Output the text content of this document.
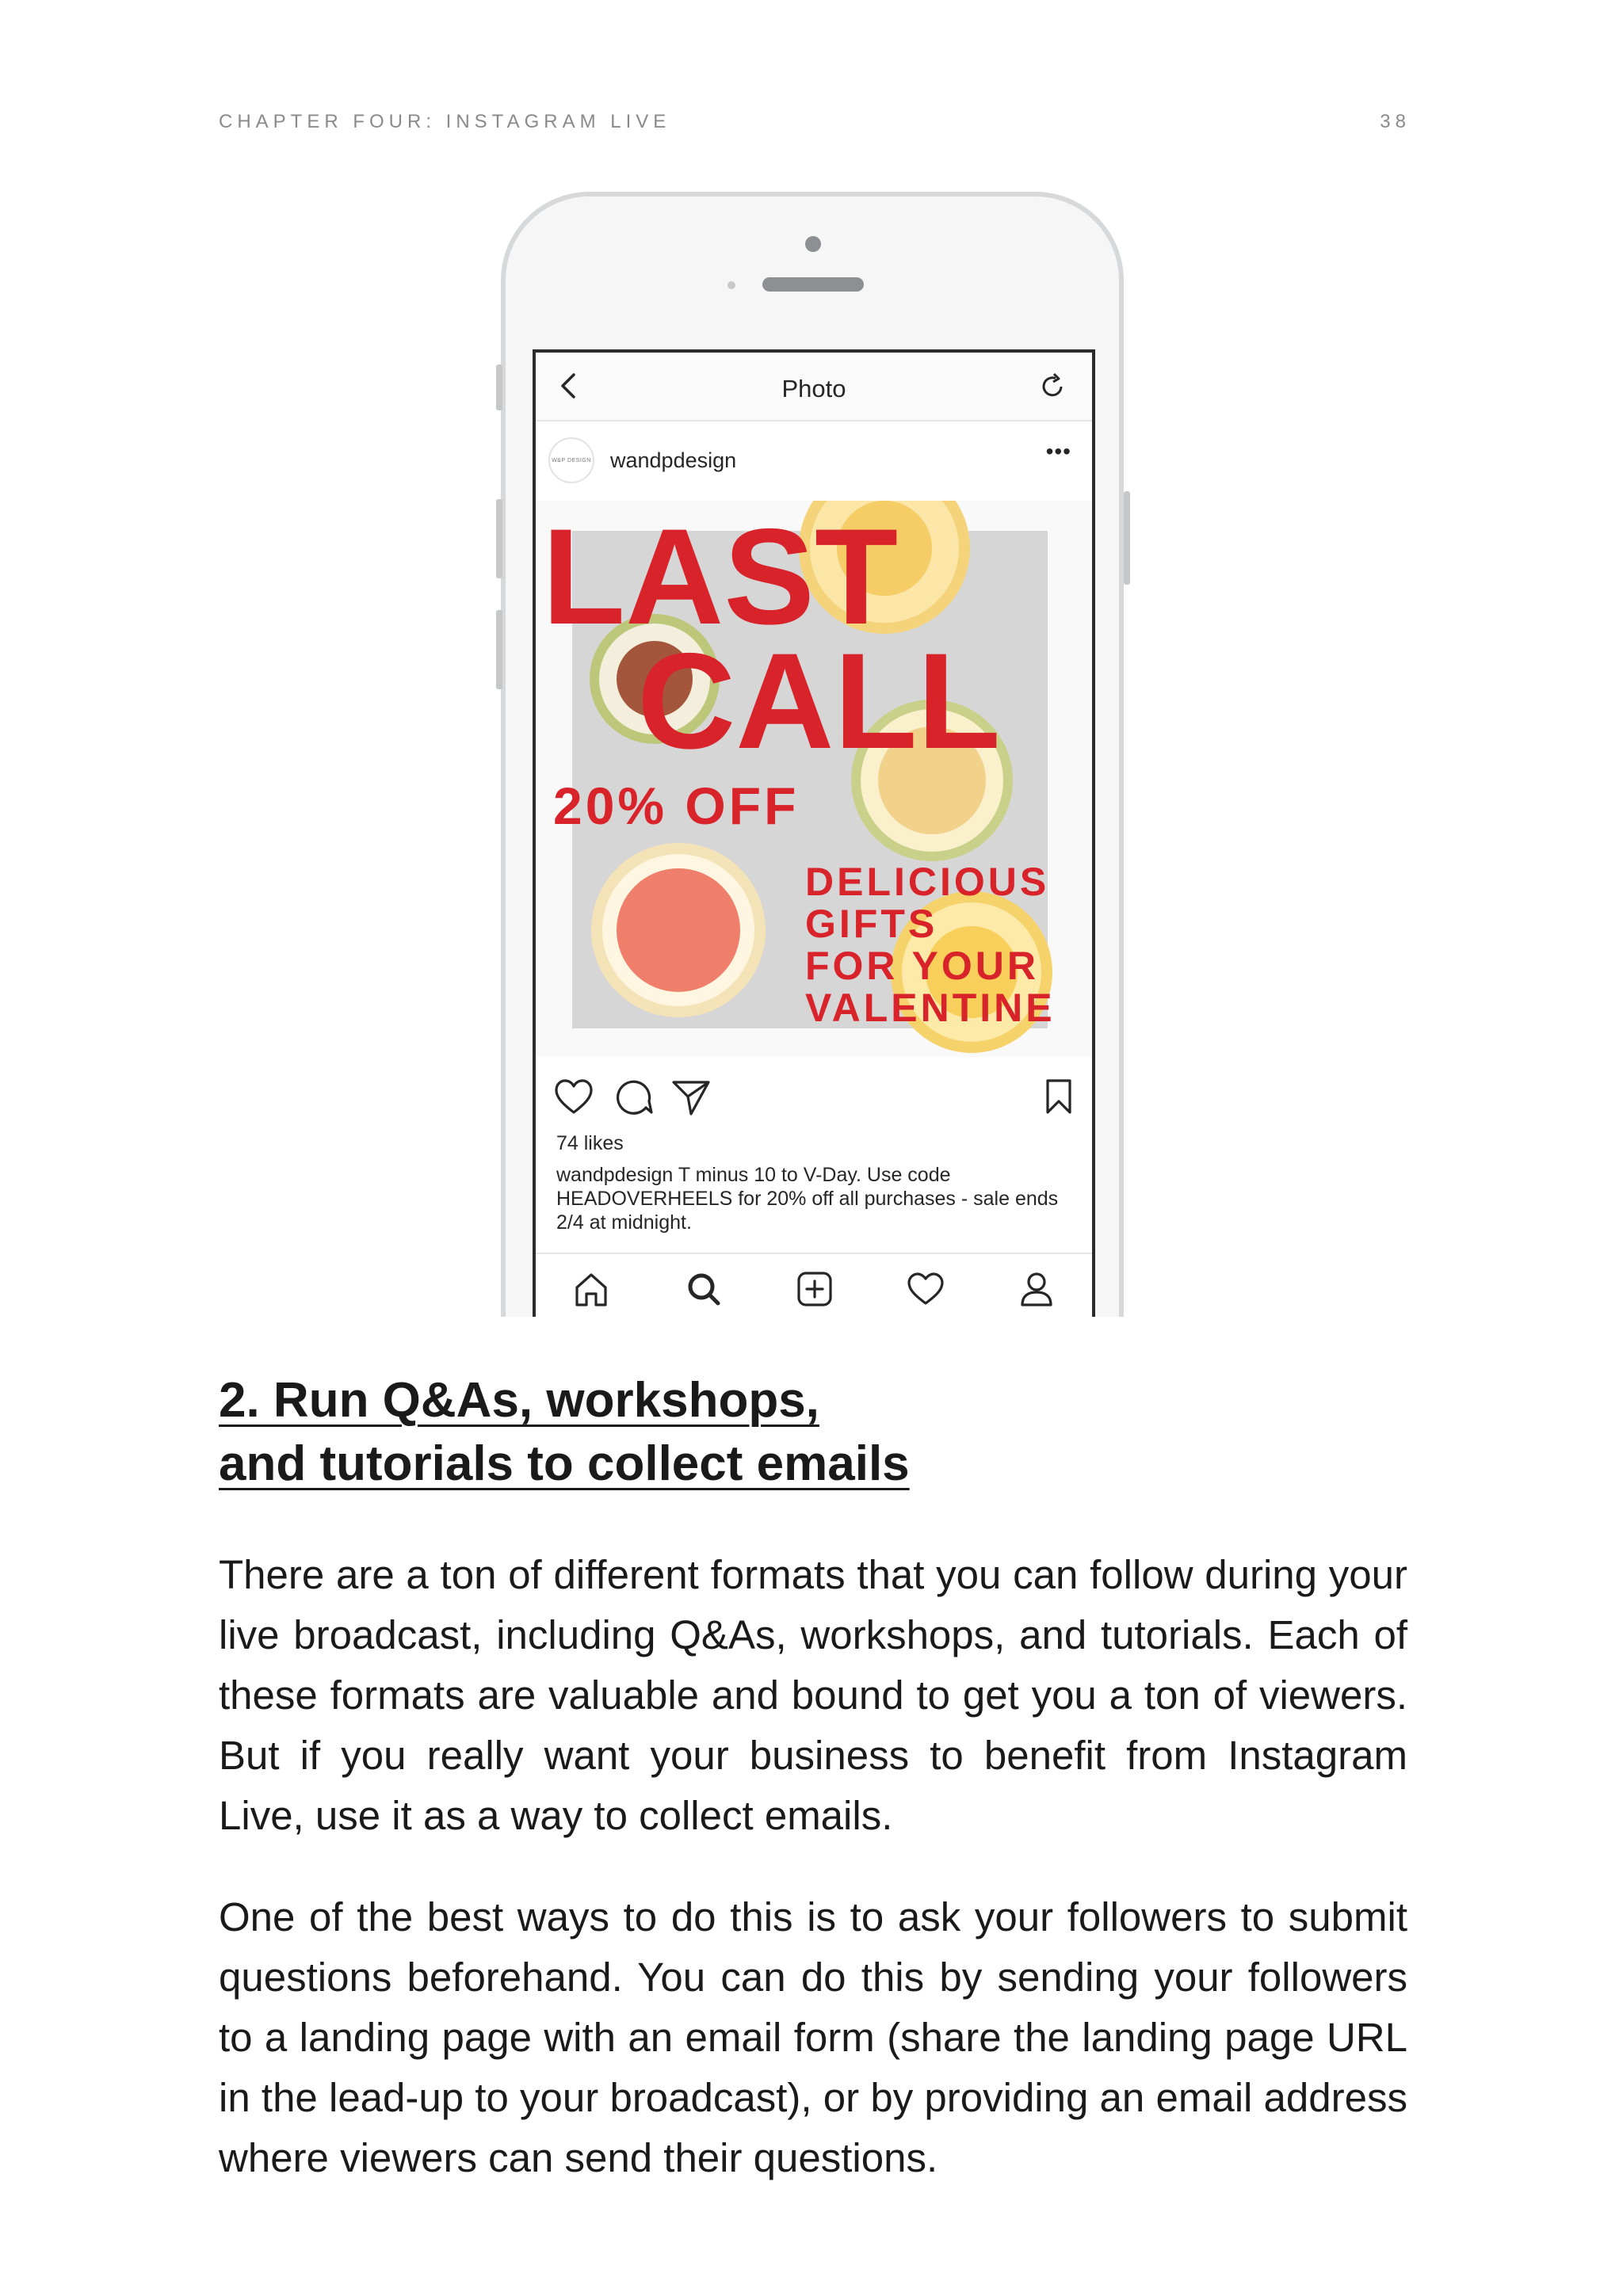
CHAPTER FOUR: INSTAGRAM LIVE	38
Photo
W&P DESIGN wandpdesign	•••
LAST
CALL
20% OFF
DELICIOUS
GIFTS
FOR YOUR
VALENTINE
74 likes
wandpdesign T minus 10 to V-Day. Use code HEADOVERHEELS for 20% off all purchases - sale ends 2/4 at midnight.
2. Run Q&As, workshops,
and tutorials to collect emails

There are a ton of different formats that you can follow during your live broadcast, including Q&As, workshops, and tutorials. Each of these formats are valuable and bound to get you a ton of viewers. But if you really want your business to benefit from Instagram Live, use it as a way to collect emails.

One of the best ways to do this is to ask your followers to submit questions beforehand. You can do this by sending your followers to a landing page with an email form (share the landing page URL in the lead-up to your broadcast), or by providing an email address where viewers can send their questions.
